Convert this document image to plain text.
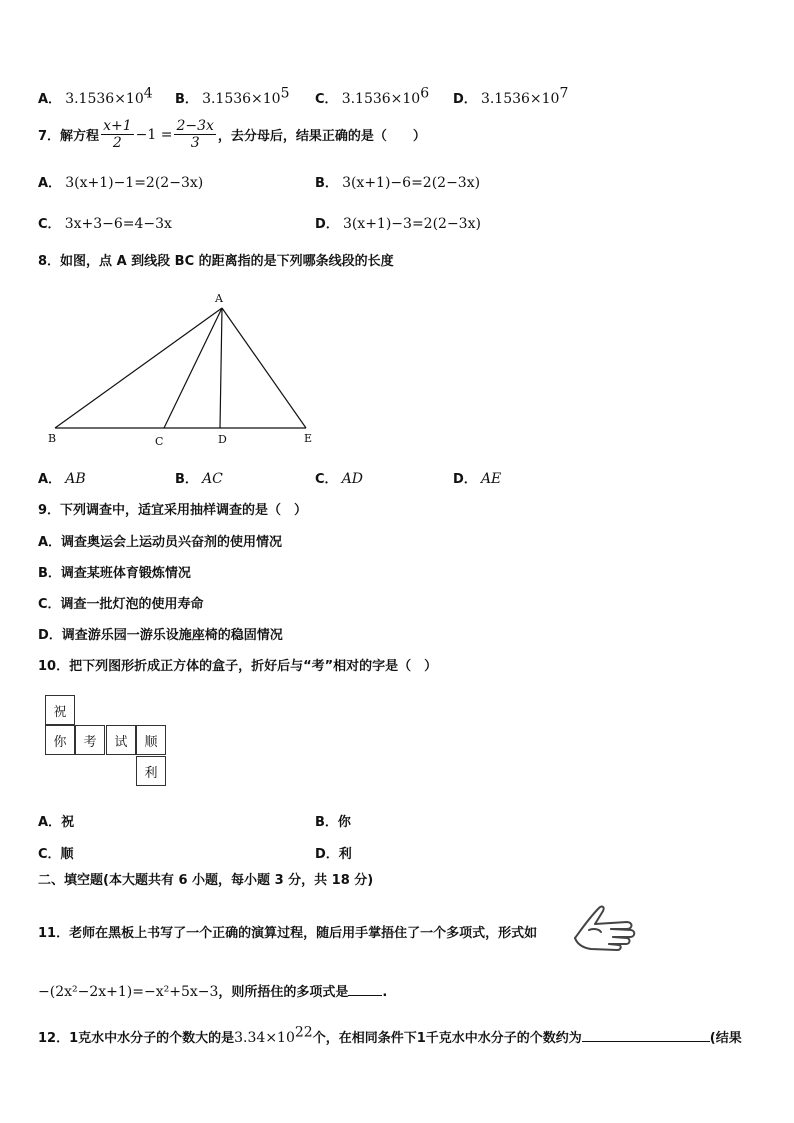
A． $3.1536\times 10^4$ B． $3.1536\times 10^5$ C． $3.1536\times 10^6$ D． $3.1536\times 10^7$
7． 解方程 $\frac{x+1}{2} -1 = \frac{2-3x}{3}$ ，去分母后，结果正确的是（　　）
A． 3(x+1)−1=2(2−3x)	B． 3(x+1)−6=2(2−3x)
C． 3x+3−6=4−3x	D． 3(x+1)−3=2(2−3x)
8．如图，点 A 到线段 BC 的距离指的是下列哪条线段的长度
A
B	C	D	E
A． AB	B． AC	C． AD	D． AE
9．下列调查中，适宜采用抽样调查的是（　）
A．调查奥运会上运动员兴奋剂的使用情况
B．调查某班体育锻炼情况
C．调查一批灯泡的使用寿命
D．调查游乐园一游乐设施座椅的稳固情况
10．把下列图形折成正方体的盒子，折好后与“考”相对的字是（　）
祝
你	考	试	顺
利
A．祝	B．你
C．顺	D．利
二、填空题(本大题共有 6 小题，每小题 3 分，共 18 分)
11．老师在黑板上书写了一个正确的演算过程，随后用手掌捂住了一个多项式，形式如
−(2x²−2x+1)=−x²+5x−3，则所捂住的多项式是	.
12．1克水中水分子的个数大的是$3.34\times 10^{22}$个，在相同条件下1千克水中水分子的个数约为	(结果
